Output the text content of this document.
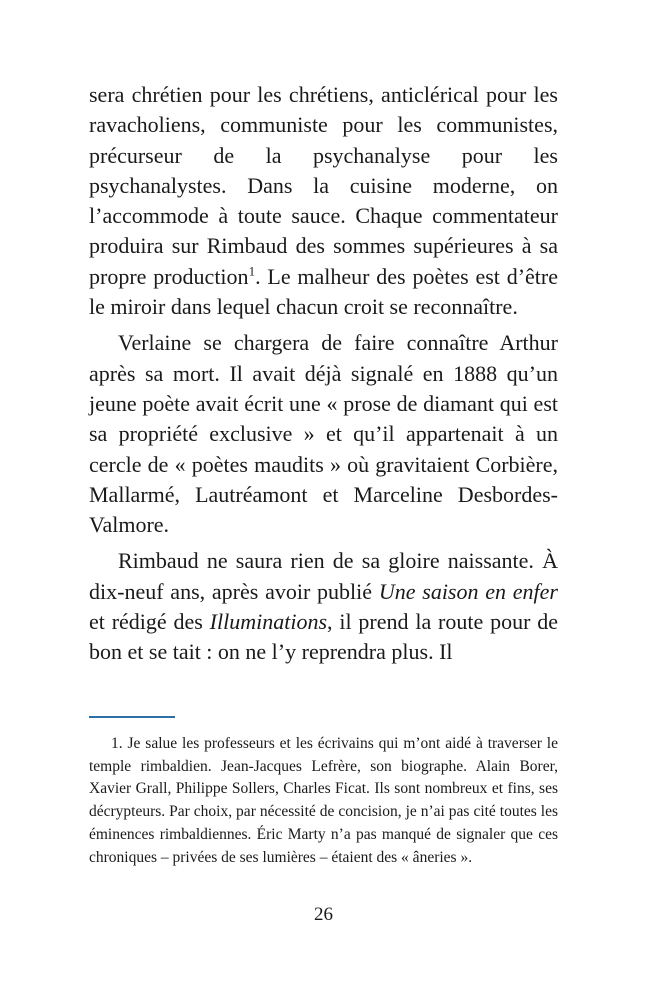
sera chrétien pour les chrétiens, anticlérical pour les ravacholiens, communiste pour les communistes, précurseur de la psychanalyse pour les psychanalystes. Dans la cuisine moderne, on l’accommode à toute sauce. Chaque commentateur produira sur Rimbaud des sommes supérieures à sa propre production$^1$. Le malheur des poètes est d’être le miroir dans lequel chacun croit se reconnaître.

Verlaine se chargera de faire connaître Arthur après sa mort. Il avait déjà signalé en 1888 qu’un jeune poète avait écrit une « prose de diamant qui est sa propriété exclusive » et qu’il appartenait à un cercle de « poètes maudits » où gravitaient Corbière, Mallarmé, Lautréamont et Marceline Desbordes-Valmore.

Rimbaud ne saura rien de sa gloire naissante. À dix-neuf ans, après avoir publié Une saison en enfer et rédigé des Illuminations, il prend la route pour de bon et se tait : on ne l’y reprendra plus. Il

1. Je salue les professeurs et les écrivains qui m’ont aidé à traverser le temple rimbaldien. Jean-Jacques Lefrère, son biographe. Alain Borer, Xavier Grall, Philippe Sollers, Charles Ficat. Ils sont nombreux et fins, ses décrypteurs. Par choix, par nécessité de concision, je n’ai pas cité toutes les éminences rimbaldiennes. Éric Marty n’a pas manqué de signaler que ces chroniques – privées de ses lumières – étaient des « âneries ».

26
